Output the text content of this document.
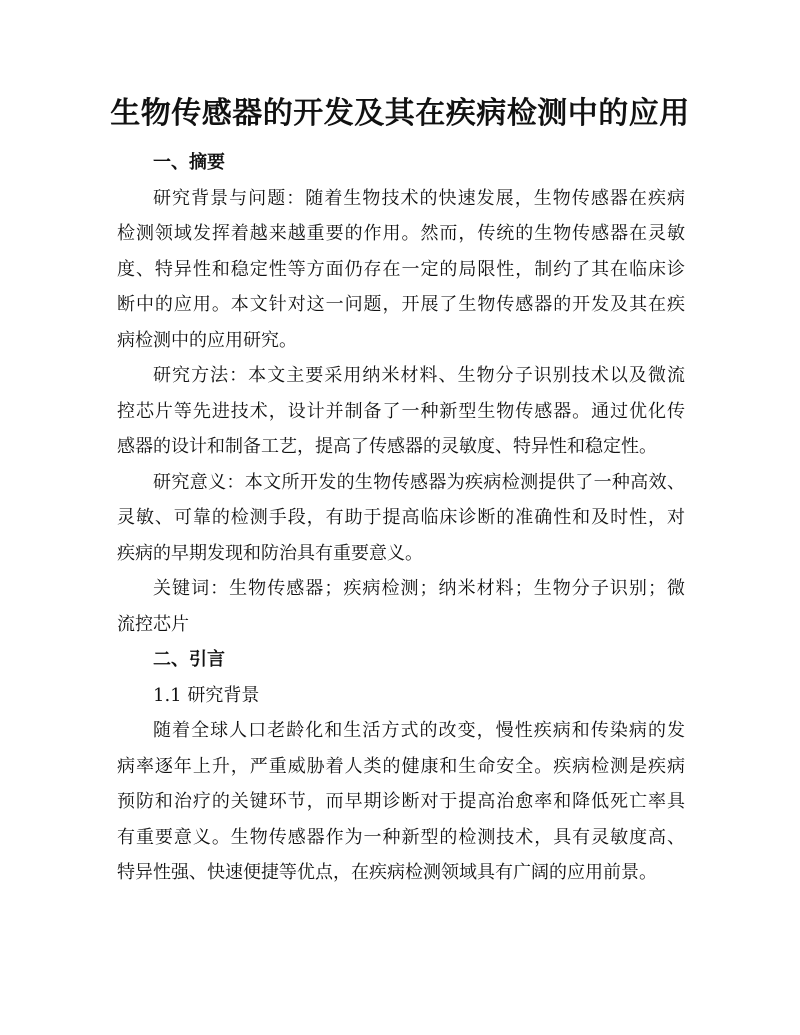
生物传感器的开发及其在疾病检测中的应用
一、摘要
研究背景与问题：随着生物技术的快速发展，生物传感器在疾病
检测领域发挥着越来越重要的作用。然而，传统的生物传感器在灵敏
度、特异性和稳定性等方面仍存在一定的局限性，制约了其在临床诊
断中的应用。本文针对这一问题，开展了生物传感器的开发及其在疾
病检测中的应用研究。
研究方法：本文主要采用纳米材料、生物分子识别技术以及微流
控芯片等先进技术，设计并制备了一种新型生物传感器。通过优化传
感器的设计和制备工艺，提高了传感器的灵敏度、特异性和稳定性。
研究意义：本文所开发的生物传感器为疾病检测提供了一种高效、
灵敏、可靠的检测手段，有助于提高临床诊断的准确性和及时性，对
疾病的早期发现和防治具有重要意义。
关键词：生物传感器；疾病检测；纳米材料；生物分子识别；微
流控芯片
二、引言
1.1 研究背景
随着全球人口老龄化和生活方式的改变，慢性疾病和传染病的发
病率逐年上升，严重威胁着人类的健康和生命安全。疾病检测是疾病
预防和治疗的关键环节，而早期诊断对于提高治愈率和降低死亡率具
有重要意义。生物传感器作为一种新型的检测技术，具有灵敏度高、
特异性强、快速便捷等优点，在疾病检测领域具有广阔的应用前景。
